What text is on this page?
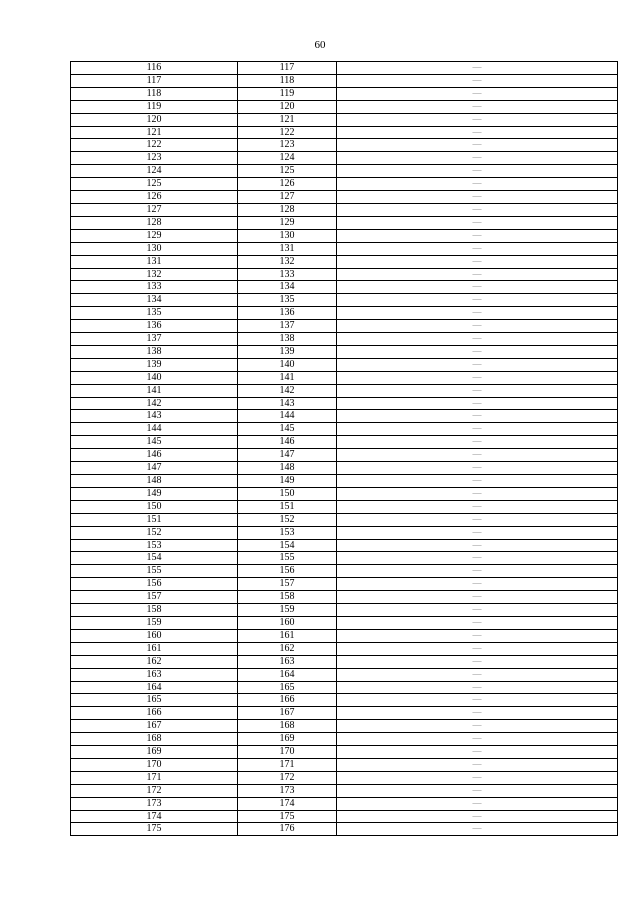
60
116	117	—
117	118	—
118	119	—
119	120	—
120	121	—
121	122	—
122	123	—
123	124	—
124	125	—
125	126	—
126	127	—
127	128	—
128	129	—
129	130	—
130	131	—
131	132	—
132	133	—
133	134	—
134	135	—
135	136	—
136	137	—
137	138	—
138	139	—
139	140	—
140	141	—
141	142	—
142	143	—
143	144	—
144	145	—
145	146	—
146	147	—
147	148	—
148	149	—
149	150	—
150	151	—
151	152	—
152	153	—
153	154	—
154	155	—
155	156	—
156	157	—
157	158	—
158	159	—
159	160	—
160	161	—
161	162	—
162	163	—
163	164	—
164	165	—
165	166	—
166	167	—
167	168	—
168	169	—
169	170	—
170	171	—
171	172	—
172	173	—
173	174	—
174	175	—
175	176	—
